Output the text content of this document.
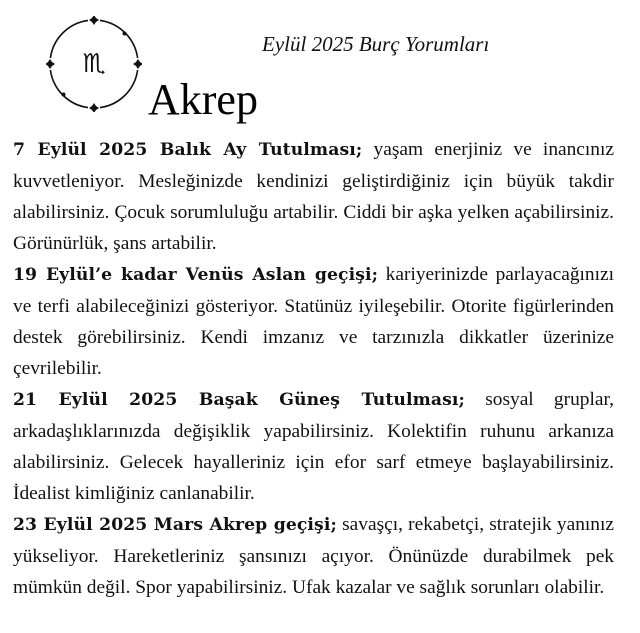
♏
Eylül 2025 Burç Yorumları
Akrep

7 Eylül 2025 Balık Ay Tutulması; yaşam enerjiniz ve inancınız kuvvetleniyor. Mesleğinizde kendinizi geliştirdiğiniz için büyük takdir alabilirsiniz. Çocuk sorumluluğu artabilir. Ciddi bir aşka yelken açabilirsiniz. Görünürlük, şans artabilir.

19 Eylül’e kadar Venüs Aslan geçişi; kariyerinizde parlayacağınızı ve terfi alabileceğinizi gösteriyor. Statünüz iyileşebilir. Otorite figürlerinden destek görebilirsiniz. Kendi imzanız ve tarzınızla dikkatler üzerinize çevrilebilir.

21 Eylül 2025 Başak Güneş Tutulması; sosyal gruplar, arkadaşlıklarınızda değişiklik yapabilirsiniz. Kolektifin ruhunu arkanıza alabilirsiniz. Gelecek hayalleriniz için efor sarf etmeye başlayabilirsiniz. İdealist kimliğiniz canlanabilir.

23 Eylül 2025 Mars Akrep geçişi; savaşçı, rekabetçi, stratejik yanınız yükseliyor. Hareketleriniz şansınızı açıyor. Önünüzde durabilmek pek mümkün değil. Spor yapabilirsiniz. Ufak kazalar ve sağlık sorunları olabilir.
